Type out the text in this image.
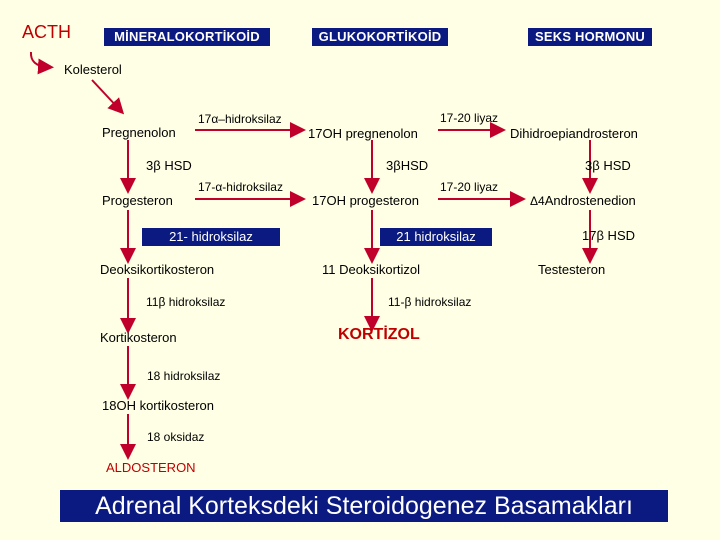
ACTH	MİNERALOKORTİKOİD	GLUKOKORTİKOİD	SEKS HORMONU
Kolesterol
17α–hidroksilaz	17-20 liyaz
Pregnenolon	17OH pregnenolon	Dihidroepiandrosteron
3β HSD	3βHSD	3β HSD
17-α-hidroksilaz	17-20 liyaz
Progesteron	17OH progesteron	Δ4Androstenedion
21- hidroksilaz	21 hidroksilaz	17β HSD
Deoksikortikosteron	11 Deoksikortizol	Testesteron
11β hidroksilaz	11-β hidroksilaz
Kortikosteron	KORTİZOL
18 hidroksilaz
18OH kortikosteron
18 oksidaz
ALDOSTERON
Adrenal Korteksdeki Steroidogenez Basamakları
